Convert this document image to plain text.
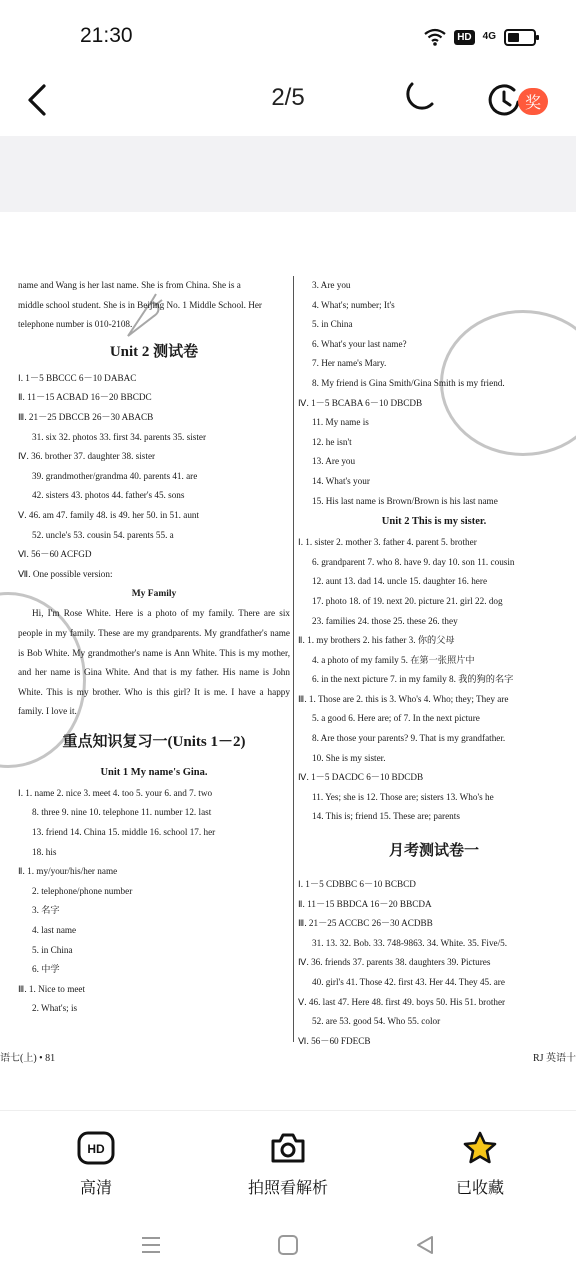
21:30	HD	4G
2/5	奖
name and Wang is her last name. She is from China. She is a
middle school student. She is in Beijing No. 1 Middle School. Her
telephone number is 010-2108.
Unit 2 测试卷
Ⅰ. 1－5 BBCCC 6－10 DABAC
Ⅱ. 11－15 ACBAD 16－20 BBCDC
Ⅲ. 21－25 DBCCB 26－30 ABACB
31. six 32. photos 33. first 34. parents 35. sister
Ⅳ. 36. brother 37. daughter 38. sister
39. grandmother/grandma 40. parents 41. are
42. sisters 43. photos 44. father's 45. sons
Ⅴ. 46. am 47. family 48. is 49. her 50. in 51. aunt
52. uncle's 53. cousin 54. parents 55. a
Ⅵ. 56－60 ACFGD
Ⅶ. One possible version:
My Family
Hi, I'm Rose White. Here is a photo of my family. There are six people in my family. These are my grandparents. My grandfather's name is Bob White. My grandmother's name is Ann White. This is my mother, and her name is Gina White. And that is my father. His name is John White. This is my brother. Who is this girl? It is me. I have a happy family. I love it.
重点知识复习一(Units 1－2)
Unit 1 My name's Gina.
Ⅰ. 1. name 2. nice 3. meet 4. too 5. your 6. and 7. two
8. three 9. nine 10. telephone 11. number 12. last
13. friend 14. China 15. middle 16. school 17. her
18. his
Ⅱ. 1. my/your/his/her name
2. telephone/phone number
3. 名字
4. last name
5. in China
6. 中学
Ⅲ. 1. Nice to meet
2. What's; is
3. Are you
4. What's; number; It's
5. in China
6. What's your last name?
7. Her name's Mary.
8. My friend is Gina Smith/Gina Smith is my friend.
Ⅳ. 1－5 BCABA 6－10 DBCDB
11. My name is
12. he isn't
13. Are you
14. What's your
15. His last name is Brown/Brown is his last name
Unit 2 This is my sister.
Ⅰ. 1. sister 2. mother 3. father 4. parent 5. brother
6. grandparent 7. who 8. have 9. day 10. son 11. cousin
12. aunt 13. dad 14. uncle 15. daughter 16. here
17. photo 18. of 19. next 20. picture 21. girl 22. dog
23. families 24. those 25. these 26. they
Ⅱ. 1. my brothers 2. his father 3. 你的父母
4. a photo of my family 5. 在第一张照片中
6. in the next picture 7. in my family 8. 我的狗的名字
Ⅲ. 1. Those are 2. this is 3. Who's 4. Who; they; They are
5. a good 6. Here are; of 7. In the next picture
8. Are those your parents? 9. That is my grandfather.
10. She is my sister.
Ⅳ. 1－5 DACDC 6－10 BDCDB
11. Yes; she is 12. Those are; sisters 13. Who's he
14. This is; friend 15. These are; parents
月考测试卷一
Ⅰ. 1－5 CDBBC 6－10 BCBCD
Ⅱ. 11－15 BBDCA 16－20 BBCDA
Ⅲ. 21－25 ACCBC 26－30 ACDBB
31. 13. 32. Bob. 33. 748-9863. 34. White. 35. Five/5.
Ⅳ. 36. friends 37. parents 38. daughters 39. Pictures
40. girl's 41. Those 42. first 43. Her 44. They 45. are
Ⅴ. 46. last 47. Here 48. first 49. boys 50. His 51. brother
52. are 53. good 54. Who 55. color
Ⅵ. 56－60 FDECB
语七(上) • 81	RJ 英语十
HD
高清	拍照看解析	已收藏
